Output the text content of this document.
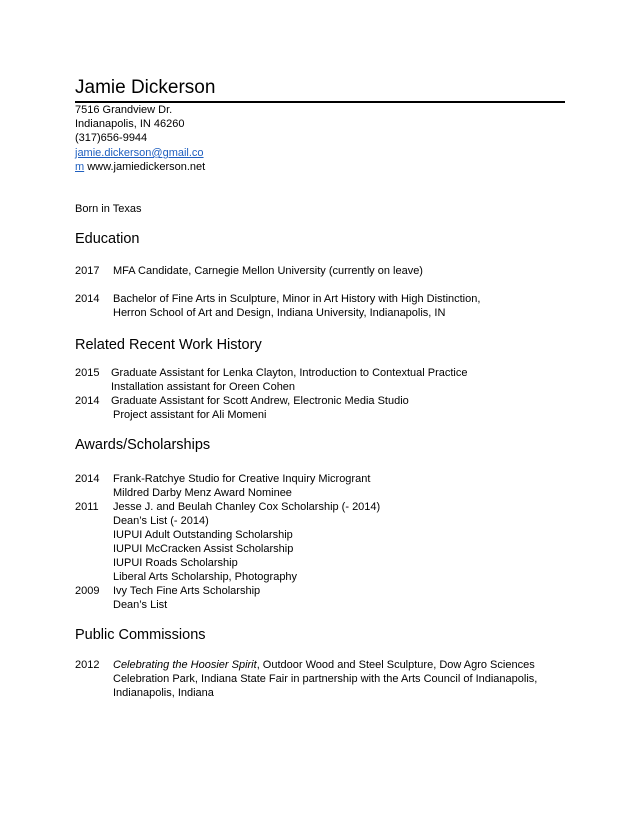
Jamie Dickerson
7516 Grandview Dr.
Indianapolis, IN 46260
(317)656-9944
jamie.dickerson@gmail.co
m www.jamiedickerson.net
Born in Texas
Education
2017 MFA Candidate, Carnegie Mellon University (currently on leave)
2014 Bachelor of Fine Arts in Sculpture, Minor in Art History with High Distinction,
Herron School of Art and Design, Indiana University, Indianapolis, IN
Related Recent Work History
2015 Graduate Assistant for Lenka Clayton, Introduction to Contextual Practice
Installation assistant for Oreen Cohen
2014 Graduate Assistant for Scott Andrew, Electronic Media Studio
Project assistant for Ali Momeni
Awards/Scholarships
2014 Frank-Ratchye Studio for Creative Inquiry Microgrant
Mildred Darby Menz Award Nominee
2011 Jesse J. and Beulah Chanley Cox Scholarship (- 2014)
Dean’s List (- 2014)
IUPUI Adult Outstanding Scholarship
IUPUI McCracken Assist Scholarship
IUPUI Roads Scholarship
Liberal Arts Scholarship, Photography
2009 Ivy Tech Fine Arts Scholarship
Dean’s List
Public Commissions
2012 Celebrating the Hoosier Spirit, Outdoor Wood and Steel Sculpture, Dow Agro Sciences
Celebration Park, Indiana State Fair in partnership with the Arts Council of Indianapolis,
Indianapolis, Indiana
